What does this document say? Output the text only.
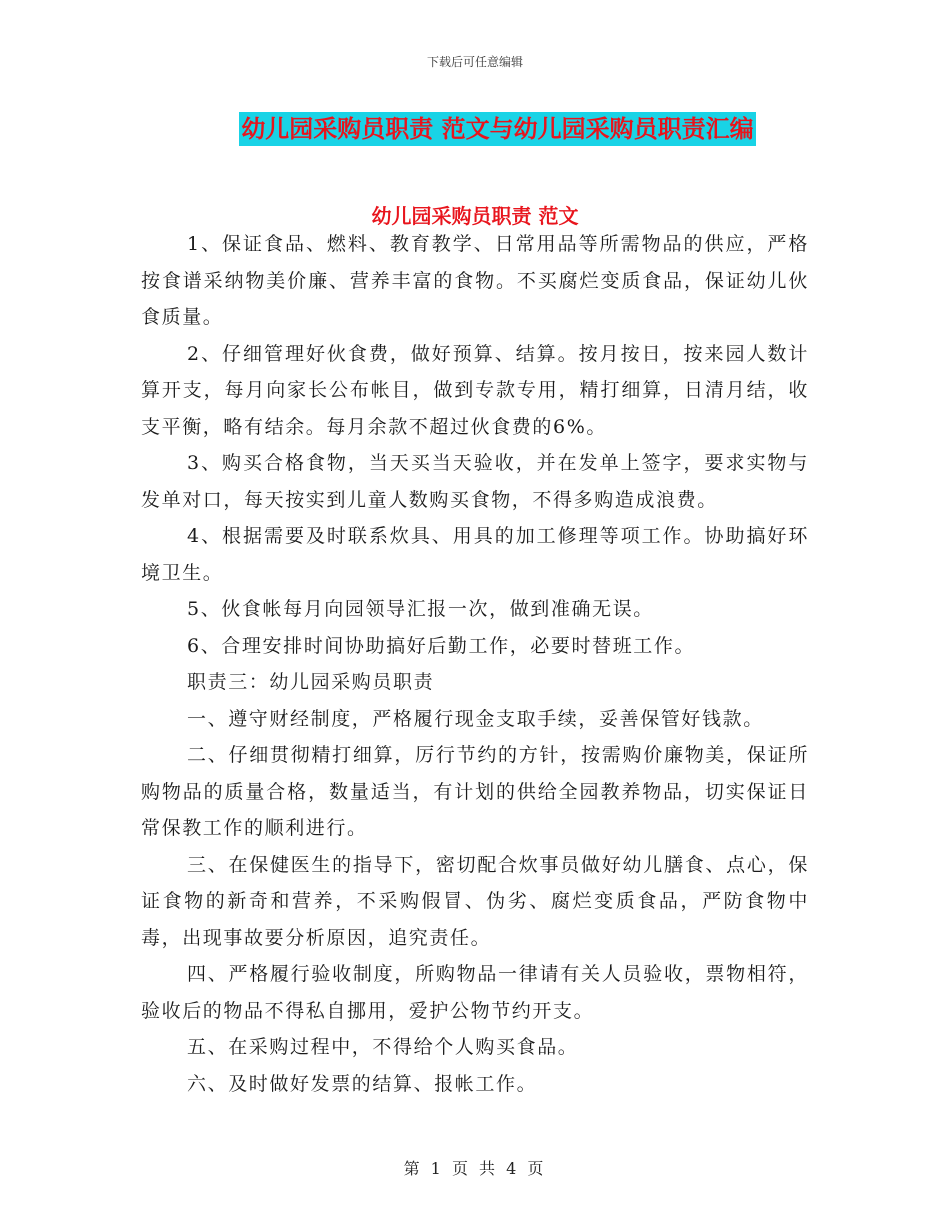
下载后可任意编辑
幼儿园采购员职责 范文与幼儿园采购员职责汇编
幼儿园采购员职责 范文

1、保证食品、燃料、教育教学、日常用品等所需物品的供应，严格按食谱采纳物美价廉、营养丰富的食物。不买腐烂变质食品，保证幼儿伙食质量。

2、仔细管理好伙食费，做好预算、结算。按月按日，按来园人数计算开支，每月向家长公布帐目，做到专款专用，精打细算，日清月结，收支平衡，略有结余。每月余款不超过伙食费的6%。

3、购买合格食物，当天买当天验收，并在发单上签字，要求实物与发单对口，每天按实到儿童人数购买食物，不得多购造成浪费。

4、根据需要及时联系炊具、用具的加工修理等项工作。协助搞好环境卫生。

5、伙食帐每月向园领导汇报一次，做到准确无误。

6、合理安排时间协助搞好后勤工作，必要时替班工作。

职责三：幼儿园采购员职责

一、遵守财经制度，严格履行现金支取手续，妥善保管好钱款。

二、仔细贯彻精打细算，厉行节约的方针，按需购价廉物美，保证所购物品的质量合格，数量适当，有计划的供给全园教养物品，切实保证日常保教工作的顺利进行。

三、在保健医生的指导下，密切配合炊事员做好幼儿膳食、点心，保证食物的新奇和营养，不采购假冒、伪劣、腐烂变质食品，严防食物中毒，出现事故要分析原因，追究责任。

四、严格履行验收制度，所购物品一律请有关人员验收，票物相符，验收后的物品不得私自挪用，爱护公物节约开支。

五、在采购过程中，不得给个人购买食品。

六、及时做好发票的结算、报帐工作。

第 1 页 共 4 页
